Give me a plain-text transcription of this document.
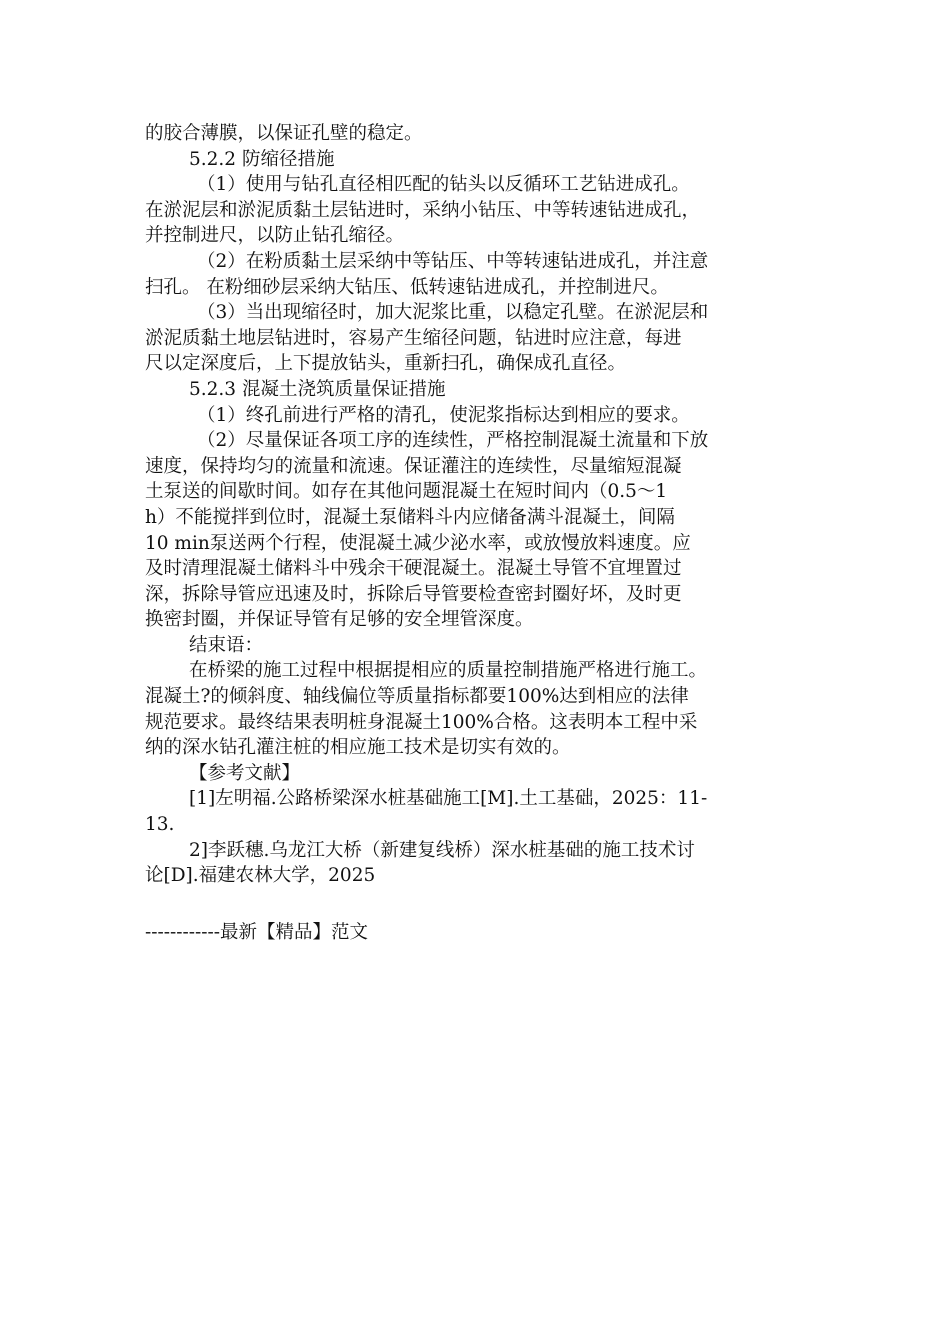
的胶合薄膜，以保证孔壁的稳定。
5.2.2 防缩径措施
（1）使用与钻孔直径相匹配的钻头以反循环工艺钻进成孔。
在淤泥层和淤泥质黏土层钻进时，采纳小钻压、中等转速钻进成孔，
并控制进尺，以防止钻孔缩径。
（2）在粉质黏土层采纳中等钻压、中等转速钻进成孔，并注意
扫孔。 在粉细砂层采纳大钻压、低转速钻进成孔，并控制进尺。
（3）当出现缩径时，加大泥浆比重，以稳定孔壁。在淤泥层和
淤泥质黏土地层钻进时，容易产生缩径问题，钻进时应注意，每进
尺以定深度后，上下提放钻头，重新扫孔，确保成孔直径。
5.2.3 混凝土浇筑质量保证措施
（1）终孔前进行严格的清孔，使泥浆指标达到相应的要求。
（2）尽量保证各项工序的连续性，严格控制混凝土流量和下放
速度，保持均匀的流量和流速。保证灌注的连续性，尽量缩短混凝
土泵送的间歇时间。如存在其他问题混凝土在短时间内（0.5～1
h）不能搅拌到位时，混凝土泵储料斗内应储备满斗混凝土，间隔
10 min泵送两个行程，使混凝土减少泌水率，或放慢放料速度。应
及时清理混凝土储料斗中残余干硬混凝土。混凝土导管不宜埋置过
深，拆除导管应迅速及时，拆除后导管要检查密封圈好坏，及时更
换密封圈，并保证导管有足够的安全埋管深度。
结束语：
在桥梁的施工过程中根据提相应的质量控制措施严格进行施工。
混凝土?的倾斜度、轴线偏位等质量指标都要100%达到相应的法律
规范要求。最终结果表明桩身混凝土100%合格。这表明本工程中采
纳的深水钻孔灌注桩的相应施工技术是切实有效的。
【参考文献】
[1]左明福.公路桥梁深水桩基础施工[M].土工基础，2025：11-
13.
2]李跃穗.乌龙江大桥（新建复线桥）深水桩基础的施工技术讨
论[D].福建农林大学，2025
------------最新【精品】范文
